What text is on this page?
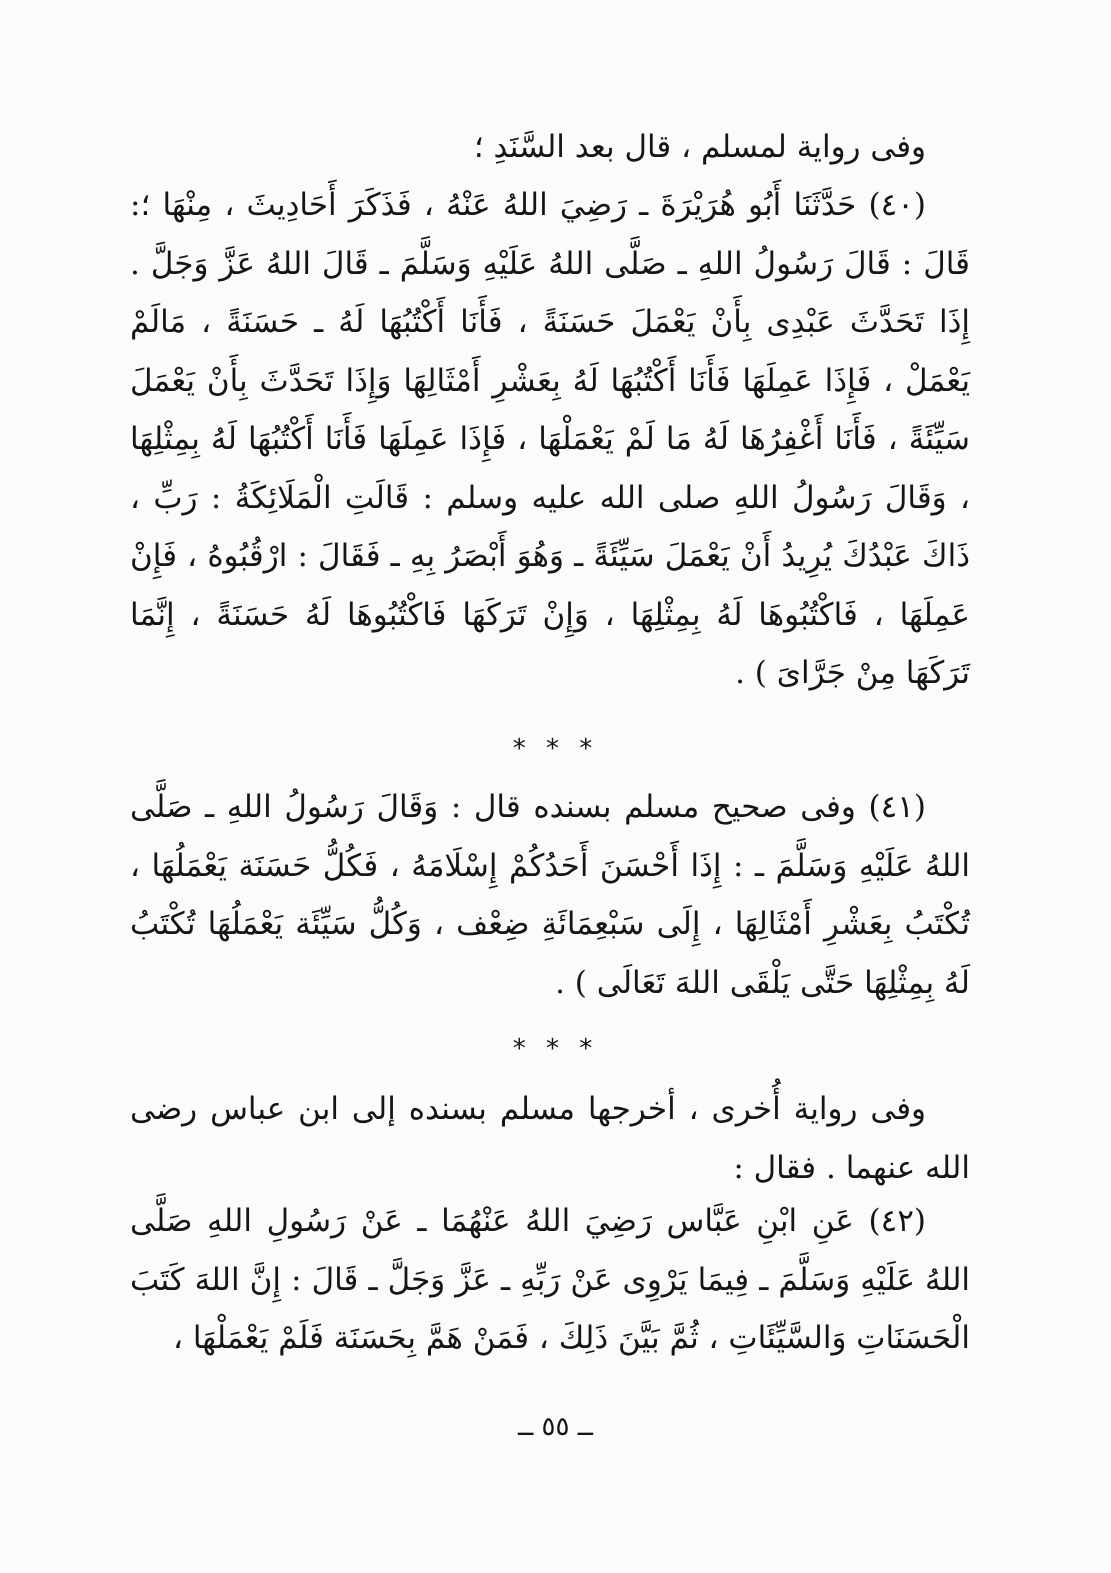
وفى رواية لمسلم ، قال بعد السَّنَدِ ؛

(٤٠) حَدَّثَنَا أَبُو هُرَيْرَةَ ـ رَضِيَ اللهُ عَنْهُ ، فَذَكَرَ أَحَادِيثَ ، مِنْهَا ؛: قَالَ : قَالَ رَسُولُ اللهِ ـ صَلَّى اللهُ عَلَيْهِ وَسَلَّمَ ـ قَالَ اللهُ عَزَّ وَجَلَّ . إِذَا تَحَدَّثَ عَبْدِى بِأَنْ يَعْمَلَ حَسَنَةً ، فَأَنَا أَكْتُبُهَا لَهُ ـ حَسَنَةً ، مَالَمْ يَعْمَلْ ، فَإِذَا عَمِلَهَا فَأَنَا أَكْتُبُهَا لَهُ بِعَشْرِ أَمْثَالِهَا وَإِذَا تَحَدَّثَ بِأَنْ يَعْمَلَ سَيِّئَةً ، فَأَنَا أَغْفِرُهَا لَهُ مَا لَمْ يَعْمَلْهَا ، فَإِذَا عَمِلَهَا فَأَنَا أَكْتُبُهَا لَهُ بِمِثْلِهَا ، وَقَالَ رَسُولُ اللهِ صلى الله عليه وسلم : قَالَتِ الْمَلَائِكَةُ : رَبِّ ، ذَاكَ عَبْدُكَ يُرِيدُ أَنْ يَعْمَلَ سَيِّئَةً ـ وَهُوَ أَبْصَرُ بِهِ ـ فَقَالَ : ارْقُبُوهُ ، فَإِنْ عَمِلَهَا ، فَاكْتُبُوهَا لَهُ بِمِثْلِهَا ، وَإِنْ تَرَكَهَا فَاكْتُبُوهَا لَهُ حَسَنَةً ، إِنَّمَا تَرَكَهَا مِنْ جَرَّاىَ ) .

* * *

(٤١) وفى صحيح مسلم بسنده قال : وَقَالَ رَسُولُ اللهِ ـ صَلَّى اللهُ عَلَيْهِ وَسَلَّمَ ـ : إِذَا أَحْسَنَ أَحَدُكُمْ إِسْلَامَهُ ، فَكُلُّ حَسَنَة يَعْمَلُهَا ، تُكْتَبُ بِعَشْرِ أَمْثَالِهَا ، إِلَى سَبْعِمَائَةِ ضِعْف ، وَكُلُّ سَيِّئَة يَعْمَلُهَا تُكْتَبُ لَهُ بِمِثْلِهَا حَتَّى يَلْقَى اللهَ تَعَالَى ) .

* * *

وفى رواية أُخرى ، أخرجها مسلم بسنده إلى ابن عباس رضى الله عنهما . فقال :

(٤٢) عَنِ ابْنِ عَبَّاس رَضِيَ اللهُ عَنْهُمَا ـ عَنْ رَسُولِ اللهِ صَلَّى اللهُ عَلَيْهِ وَسَلَّمَ ـ فِيمَا يَرْوِى عَنْ رَبِّهِ ـ عَزَّ وَجَلَّ ـ قَالَ : إِنَّ اللهَ كَتَبَ الْحَسَنَاتِ وَالسَّيِّئَاتِ ، ثُمَّ بَيَّنَ ذَلِكَ ، فَمَنْ هَمَّ بِحَسَنَة فَلَمْ يَعْمَلْهَا ،

ــ ٥٥ ــ
